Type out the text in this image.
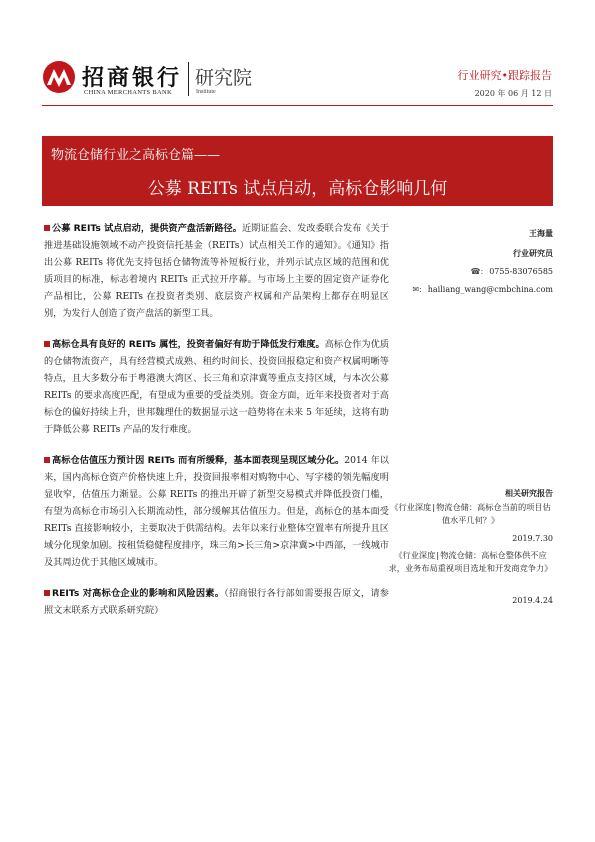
招商银行
CHINA MERCHANTS BANK
研究院
Institute
行业研究•跟踪报告
2020 年 06 月 12 日
物流仓储行业之高标仓篇——
公募 REITs 试点启动，高标仓影响几何

公募 REITs 试点启动，提供资产盘活新路径。近期证监会、发改委联合发布《关于推进基础设施领域不动产投资信托基金（REITs）试点相关工作的通知》。《通知》指出公募 REITs 将优先支持包括仓储物流等补短板行业，并列示试点区域的范围和优质项目的标准，标志着境内 REITs 正式拉开序幕。与市场上主要的固定资产证券化产品相比，公募 REITs 在投资者类别、底层资产权属和产品架构上都存在明显区别，为发行人创造了资产盘活的新型工具。

高标仓具有良好的 REITs 属性，投资者偏好有助于降低发行难度。高标仓作为优质的仓储物流资产，具有经营模式成熟、租约时间长、投资回报稳定和资产权属明晰等特点，且大多数分布于粤港澳大湾区、长三角和京津冀等重点支持区域，与本次公募 REITs 的要求高度匹配，有望成为重要的受益类别。资金方面，近年来投资者对于高标仓的偏好持续上升，世邦魏理仕的数据显示这一趋势将在未来 5 年延续，这将有助于降低公募 REITs 产品的发行难度。

高标仓估值压力预计因 REITs 而有所缓释，基本面表现呈现区域分化。2014 年以来，国内高标仓资产价格快速上升，投资回报率相对购物中心、写字楼的领先幅度明显收窄，估值压力渐显。公募 REITs 的推出开辟了新型交易模式并降低投资门槛，有望为高标仓市场引入长期流动性，部分缓解其估值压力。但是，高标仓的基本面受 REITs 直接影响较小，主要取决于供需结构。去年以来行业整体空置率有所提升且区域分化现象加剧。按租赁稳健程度排序，珠三角>长三角>京津冀>中西部，一线城市及其周边优于其他区域城市。

REITs 对高标仓企业的影响和风险因素。（招商银行各行部如需要报告原文，请参照文末联系方式联系研究院）

王海量
行业研究员
☎: 0755-83076585
✉: hailiang_wang@cmbchina.com
相关研究报告
《行业深度|物流仓储：高标仓当前的项目估值水平几何？》
2019.7.30
《行业深度|物流仓储：高标仓整体供不应求，业务布局重视项目选址和开发商竞争力》
2019.4.24
